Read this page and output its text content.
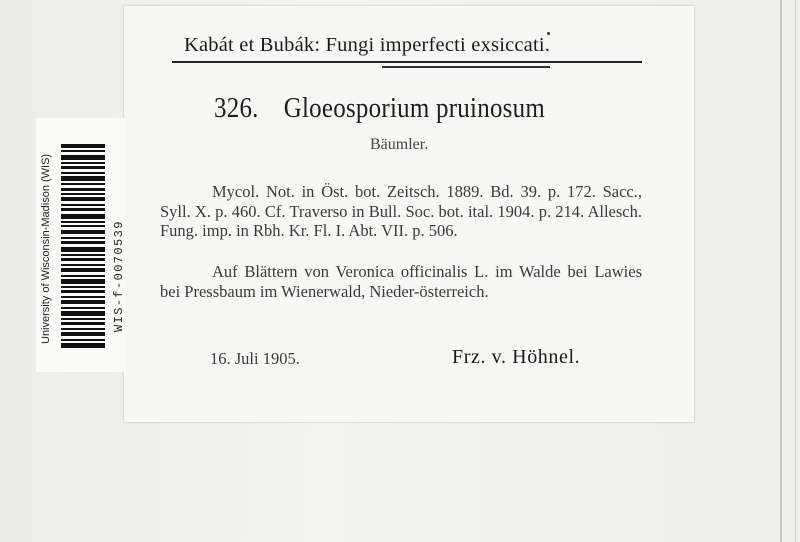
Kabát et Bubák: Fungi imperfecti exsiccati.
326. Gloeosporium pruinosum
Bäumler.
Mycol. Not. in Öst. bot. Zeitsch. 1889. Bd. 39. p. 172. Sacc., Syll. X. p. 460. Cf. Traverso in Bull. Soc. bot. ital. 1904. p. 214. Allesch. Fung. imp. in Rbh. Kr. Fl. I. Abt. VII. p. 506.
Auf Blättern von Veronica officinalis L. im Walde bei Lawies bei Pressbaum im Wienerwald, Nieder-österreich.
16. Juli 1905.	Frz. v. Höhnel.
University of Wisconsin-Madison (WIS)	WIS-f-0070539
